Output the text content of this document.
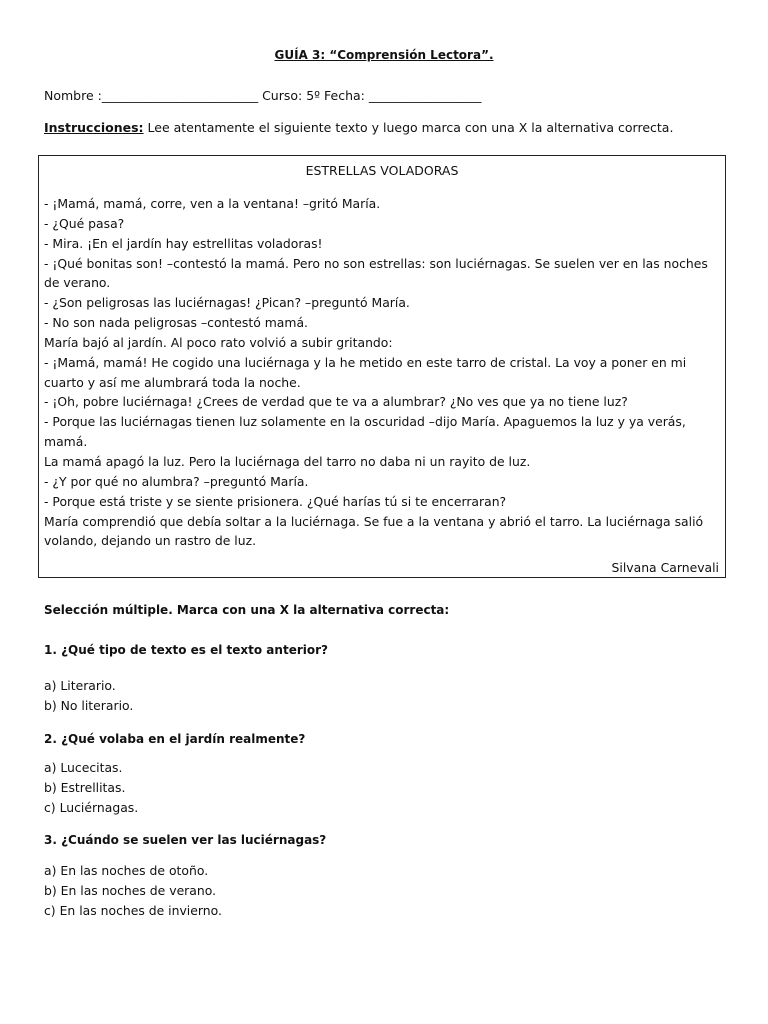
GUÍA 3: “Comprensión Lectora”.
Nombre :_________________________ Curso: 5º Fecha: __________________
Instrucciones: Lee atentamente el siguiente texto y luego marca con una X la alternativa correcta.
ESTRELLAS VOLADORAS
- ¡Mamá, mamá, corre, ven a la ventana! –gritó María.
- ¿Qué pasa?
- Mira. ¡En el jardín hay estrellitas voladoras!
- ¡Qué bonitas son! –contestó la mamá. Pero no son estrellas: son luciérnagas. Se suelen ver en las noches
de verano.
- ¿Son peligrosas las luciérnagas! ¿Pican? –preguntó María.
- No son nada peligrosas –contestó mamá.
María bajó al jardín. Al poco rato volvió a subir gritando:
- ¡Mamá, mamá! He cogido una luciérnaga y la he metido en este tarro de cristal. La voy a poner en mi
cuarto y así me alumbrará toda la noche.
- ¡Oh, pobre luciérnaga! ¿Crees de verdad que te va a alumbrar? ¿No ves que ya no tiene luz?
- Porque las luciérnagas tienen luz solamente en la oscuridad –dijo María. Apaguemos la luz y ya verás,
mamá.
La mamá apagó la luz. Pero la luciérnaga del tarro no daba ni un rayito de luz.
- ¿Y por qué no alumbra? –preguntó María.
- Porque está triste y se siente prisionera. ¿Qué harías tú si te encerraran?
María comprendió que debía soltar a la luciérnaga. Se fue a la ventana y abrió el tarro. La luciérnaga salió
volando, dejando un rastro de luz.
Silvana Carnevali
Selección múltiple. Marca con una X la alternativa correcta:
1. ¿Qué tipo de texto es el texto anterior?
a) Literario.
b) No literario.
2. ¿Qué volaba en el jardín realmente?
a) Lucecitas.
b) Estrellitas.
c) Luciérnagas.
3. ¿Cuándo se suelen ver las luciérnagas?
a) En las noches de otoño.
b) En las noches de verano.
c) En las noches de invierno.
